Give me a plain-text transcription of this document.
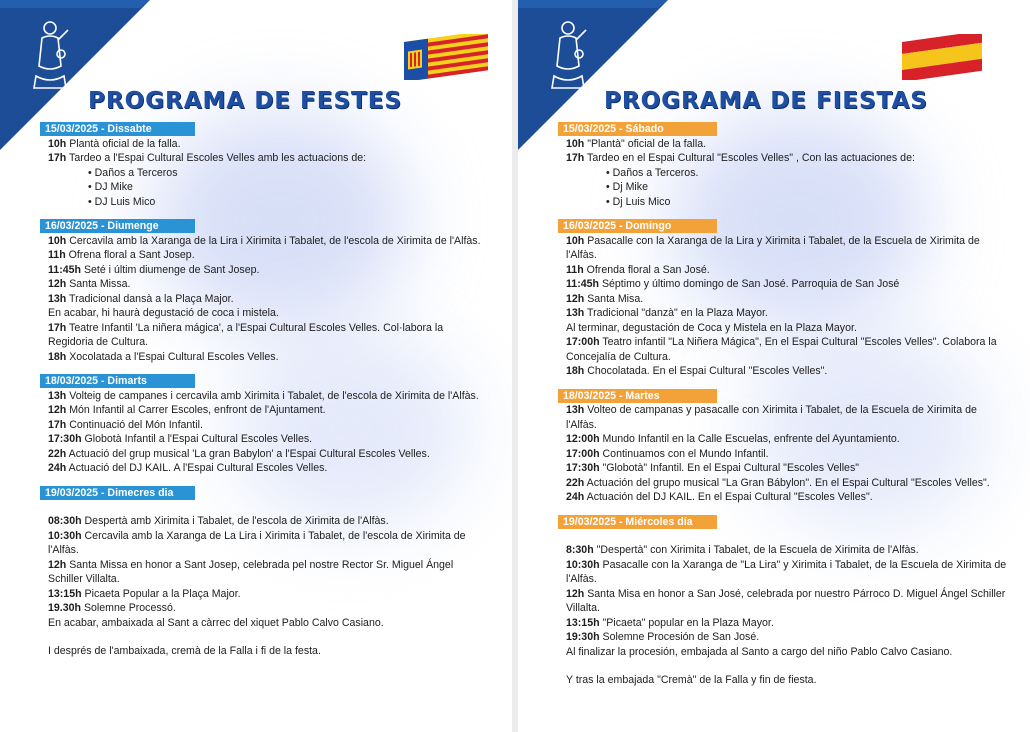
PROGRAMA DE FESTES
15/03/2025 - Dissabte
10h Plantà oficial de la falla.
17h Tardeo a l'Espai Cultural Escoles Velles amb les actuacions de:
• Daños a Terceros
• DJ Mike
• DJ Luis Mico
16/03/2025 - Diumenge
10h Cercavila amb la Xaranga de la Lira i Xirimita i Tabalet, de l'escola de Xirimita de l'Alfàs.
11h Ofrena floral a Sant Josep.
11:45h Seté i últim diumenge de Sant Josep.
12h Santa Missa.
13h Tradicional dansà a la Plaça Major.
En acabar, hi haurà degustació de coca i mistela.
17h Teatre Infantil 'La niñera mágica', a l'Espai Cultural Escoles Velles. Col·labora la Regidoria de Cultura.
18h Xocolatada a l'Espai Cultural Escoles Velles.
18/03/2025 - Dimarts
13h Volteig de campanes i cercavila amb Xirimita i Tabalet, de l'escola de Xirimita de l'Alfàs.
12h Món Infantil al Carrer Escoles, enfront de l'Ajuntament.
17h Continuació del Món Infantil.
17:30h Globotà Infantil a l'Espai Cultural Escoles Velles.
22h Actuació del grup musical 'La gran Babylon' a l'Espai Cultural Escoles Velles.
24h Actuació del DJ KAIL. A l'Espai Cultural Escoles Velles.
19/03/2025 - Dimecres dia de Sant Josep
08:30h Despertà amb Xirimita i Tabalet, de l'escola de Xirimita de l'Alfàs.
10:30h Cercavila amb la Xaranga de La Lira i Xirimita i Tabalet, de l'escola de Xirimita de l'Alfàs.
12h Santa Missa en honor a Sant Josep, celebrada pel nostre Rector Sr. Miguel Ángel Schiller Villalta.
13:15h Picaeta Popular a la Plaça Major.
19.30h Solemne Processó.
En acabar, ambaixada al Sant a càrrec del xiquet Pablo Calvo Casiano.
I després de l'ambaixada, cremà de la Falla i fi de la festa.
PROGRAMA DE FIESTAS
15/03/2025 - Sábado
10h "Plantà" oficial de la falla.
17h Tardeo en el Espai Cultural "Escoles Velles" , Con las actuaciones de:
• Daños a Terceros.
• Dj Mike
• Dj Luis Mico
16/03/2025 - Domingo
10h Pasacalle con la Xaranga de la Lira y Xirimita i Tabalet, de la Escuela de Xirimita de l'Alfàs.
11h Ofrenda floral a San José.
11:45h Séptimo y último domingo de San José. Parroquia de San José
12h Santa Misa.
13h Tradicional "danzà" en la Plaza Mayor.
Al terminar, degustación de Coca y Mistela en la Plaza Mayor.
17:00h Teatro infantil "La Niñera Mágica", En el Espai Cultural "Escoles Velles". Colabora la Concejalía de Cultura.
18h Chocolatada. En el Espai Cultural "Escoles Velles".
18/03/2025 - Martes
13h Volteo de campanas y pasacalle con Xirimita i Tabalet, de la Escuela de Xirimita de l'Alfàs.
12:00h Mundo Infantil en la Calle Escuelas, enfrente del Ayuntamiento.
17:00h Continuamos con el Mundo Infantil.
17:30h "Globotà" Infantil. En el Espai Cultural "Escoles Velles"
22h Actuación del grupo musical "La Gran Bábylon". En el Espai Cultural "Escoles Velles".
24h Actuación del DJ KAIL. En el Espai Cultural "Escoles Velles".
19/03/2025 - Miércoles día de San José
8:30h "Despertà" con Xirimita i Tabalet, de la Escuela de Xirimita de l'Alfàs.
10:30h Pasacalle con la Xaranga de "La Lira" y Xirimita i Tabalet, de la Escuela de Xirimita de l'Alfàs.
12h Santa Misa en honor a San José, celebrada por nuestro Párroco D. Miguel Ángel Schiller Villalta.
13:15h "Picaeta" popular en la Plaza Mayor.
19:30h Solemne Procesión de San José.
Al finalizar la procesión, embajada al Santo a cargo del niño Pablo Calvo Casiano.
Y tras la embajada "Cremà" de la Falla y fin de fiesta.
